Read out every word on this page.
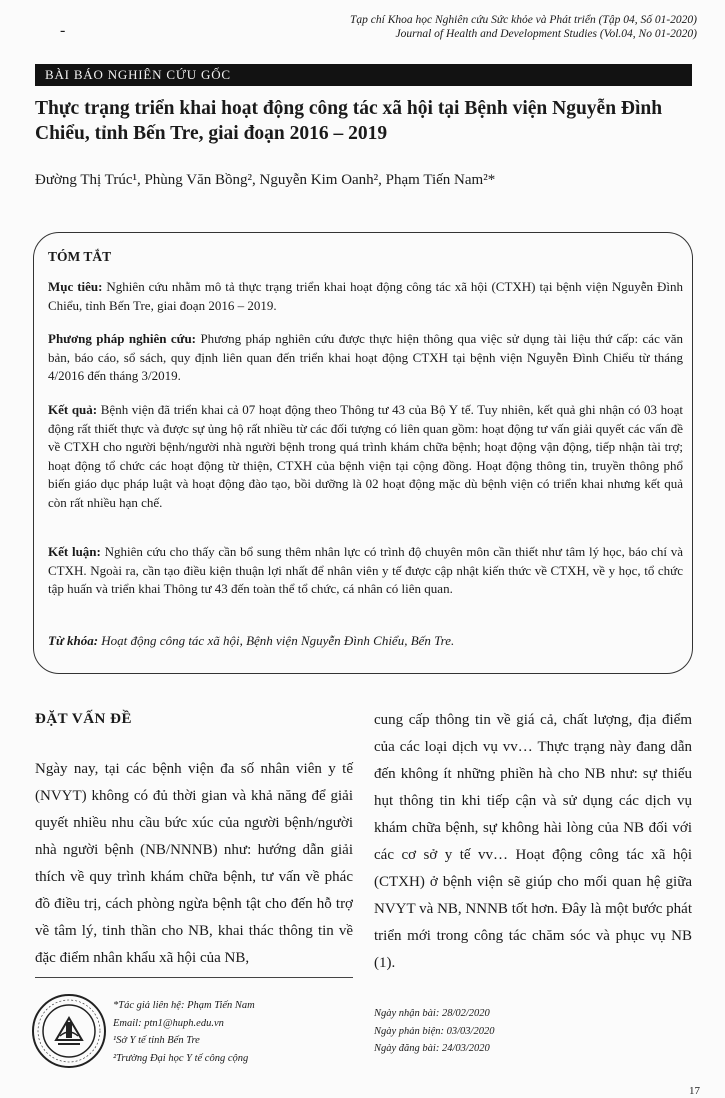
-
Tạp chí Khoa học Nghiên cứu Sức khỏe và Phát triển (Tập 04, Số 01-2020)
Journal of Health and Development Studies (Vol.04, No 01-2020)
BÀI BÁO NGHIÊN CỨU GỐC
Thực trạng triển khai hoạt động công tác xã hội tại Bệnh viện Nguyễn Đình Chiểu, tỉnh Bến Tre, giai đoạn 2016 – 2019
Đường Thị Trúc¹, Phùng Văn Bồng², Nguyễn Kim Oanh², Phạm Tiến Nam²*
TÓM TẮT
Mục tiêu: Nghiên cứu nhằm mô tả thực trạng triển khai hoạt động công tác xã hội (CTXH) tại bệnh viện Nguyễn Đình Chiểu, tỉnh Bến Tre, giai đoạn 2016 – 2019.
Phương pháp nghiên cứu: Phương pháp nghiên cứu được thực hiện thông qua việc sử dụng tài liệu thứ cấp: các văn bản, báo cáo, sổ sách, quy định liên quan đến triển khai hoạt động CTXH tại bệnh viện Nguyễn Đình Chiểu từ tháng 4/2016 đến tháng 3/2019.
Kết quả: Bệnh viện đã triển khai cả 07 hoạt động theo Thông tư 43 của Bộ Y tế. Tuy nhiên, kết quả ghi nhận có 03 hoạt động rất thiết thực và được sự ủng hộ rất nhiều từ các đối tượng có liên quan gồm: hoạt động tư vấn giải quyết các vấn đề về CTXH cho người bệnh/người nhà người bệnh trong quá trình khám chữa bệnh; hoạt động vận động, tiếp nhận tài trợ; hoạt động tổ chức các hoạt động từ thiện, CTXH của bệnh viện tại cộng đồng. Hoạt động thông tin, truyền thông phổ biến giáo dục pháp luật và hoạt động đào tạo, bồi dưỡng là 02 hoạt động mặc dù bệnh viện có triển khai nhưng kết quả còn rất nhiều hạn chế.
Kết luận: Nghiên cứu cho thấy cần bổ sung thêm nhân lực có trình độ chuyên môn cần thiết như tâm lý học, báo chí và CTXH. Ngoài ra, cần tạo điều kiện thuận lợi nhất để nhân viên y tế được cập nhật kiến thức về CTXH, về y học, tổ chức tập huấn và triển khai Thông tư 43 đến toàn thể tổ chức, cá nhân có liên quan.
Từ khóa: Hoạt động công tác xã hội, Bệnh viện Nguyễn Đình Chiểu, Bến Tre.
ĐẶT VẤN ĐỀ
Ngày nay, tại các bệnh viện đa số nhân viên y tế (NVYT) không có đủ thời gian và khả năng để giải quyết nhiều nhu cầu bức xúc của người bệnh/người nhà người bệnh (NB/NNNB) như: hướng dẫn giải thích về quy trình khám chữa bệnh, tư vấn về phác đồ điều trị, cách phòng ngừa bệnh tật cho đến hỗ trợ về tâm lý, tinh thần cho NB, khai thác thông tin về đặc điểm nhân khẩu xã hội của NB,
cung cấp thông tin về giá cả, chất lượng, địa điểm của các loại dịch vụ vv… Thực trạng này đang dẫn đến không ít những phiền hà cho NB như: sự thiếu hụt thông tin khi tiếp cận và sử dụng các dịch vụ khám chữa bệnh, sự không hài lòng của NB đối với các cơ sở y tế vv… Hoạt động công tác xã hội (CTXH) ở bệnh viện sẽ giúp cho mối quan hệ giữa NVYT và NB, NNNB tốt hơn. Đây là một bước phát triển mới trong công tác chăm sóc và phục vụ NB (1).
*Tác giả liên hệ: Phạm Tiến Nam
Email: ptn1@huph.edu.vn
¹Sở Y tế tỉnh Bến Tre
²Trường Đại học Y tế công cộng
Ngày nhận bài: 28/02/2020
Ngày phản biện: 03/03/2020
Ngày đăng bài: 24/03/2020
17
